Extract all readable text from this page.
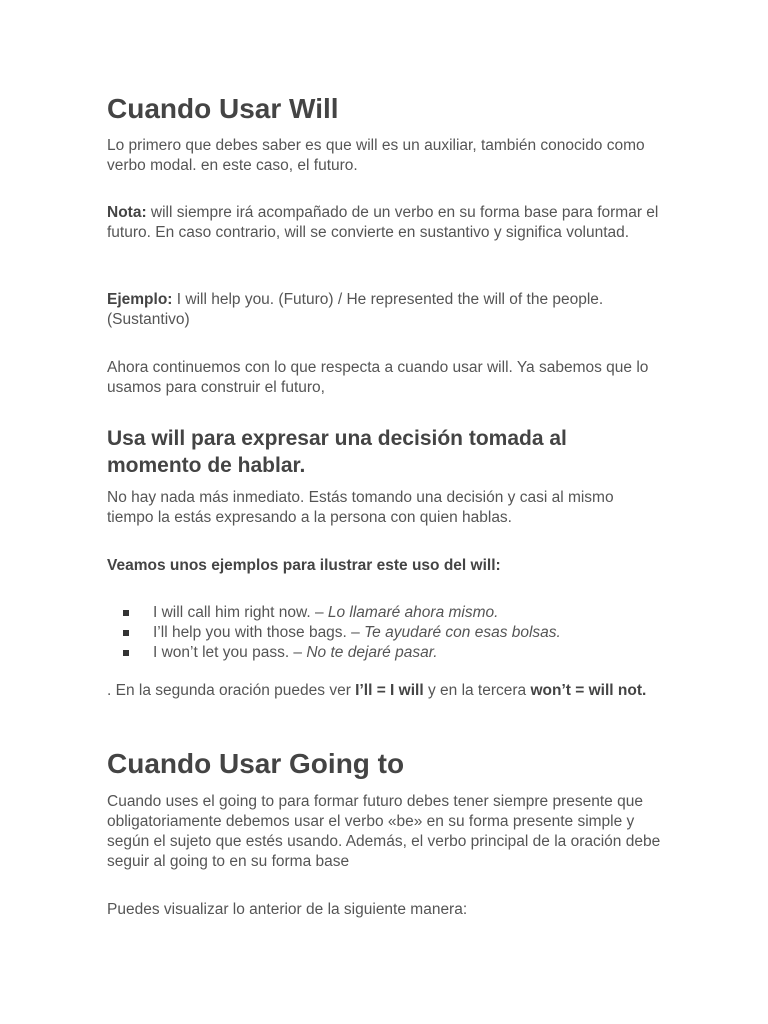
Cuando Usar Will

Lo primero que debes saber es que will es un auxiliar, también conocido como verbo modal. en este caso, el futuro.

Nota: will siempre irá acompañado de un verbo en su forma base para formar el futuro. En caso contrario, will se convierte en sustantivo y significa voluntad.

Ejemplo: I will help you. (Futuro) / He represented the will of the people. (Sustantivo)

Ahora continuemos con lo que respecta a cuando usar will. Ya sabemos que lo usamos para construir el futuro,

Usa will para expresar una decisión tomada al momento de hablar.

No hay nada más inmediato. Estás tomando una decisión y casi al mismo tiempo la estás expresando a la persona con quien hablas.

Veamos unos ejemplos para ilustrar este uso del will:

I will call him right now. – Lo llamaré ahora mismo.
I’ll help you with those bags. – Te ayudaré con esas bolsas.
I won’t let you pass. – No te dejaré pasar.

. En la segunda oración puedes ver I’ll = I will y en la tercera won’t = will not.

Cuando Usar Going to

Cuando uses el going to para formar futuro debes tener siempre presente que obligatoriamente debemos usar el verbo «be» en su forma presente simple y según el sujeto que estés usando. Además, el verbo principal de la oración debe seguir al going to en su forma base

Puedes visualizar lo anterior de la siguiente manera:
